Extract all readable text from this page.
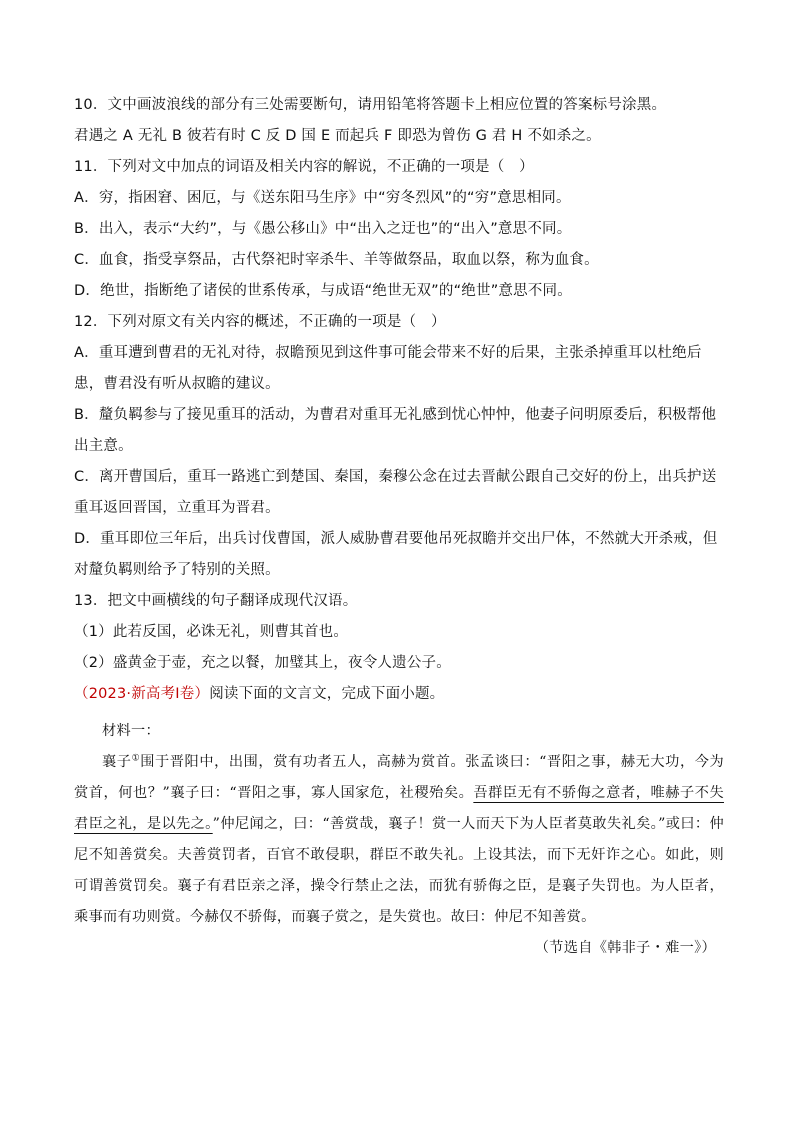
10．文中画波浪线的部分有三处需要断句，请用铅笔将答题卡上相应位置的答案标号涂黑。
君遇之 A 无礼 B 彼若有时 C 反 D 国 E 而起兵 F 即恐为曾伤 G 君 H 不如杀之。
11．下列对文中加点的词语及相关内容的解说，不正确的一项是（　）
A．穷，指困窘、困厄，与《送东阳马生序》中“穷冬烈风”的“穷”意思相同。
B．出入，表示“大约”，与《愚公移山》中“出入之迂也”的“出入”意思不同。
C．血食，指受享祭品，古代祭祀时宰杀牛、羊等做祭品，取血以祭，称为血食。
D．绝世，指断绝了诸侯的世系传承，与成语“绝世无双”的“绝世”意思不同。
12．下列对原文有关内容的概述，不正确的一项是（　）
A．重耳遭到曹君的无礼对待，叔瞻预见到这件事可能会带来不好的后果，主张杀掉重耳以杜绝后患，曹君没有听从叔瞻的建议。
B．釐负羁参与了接见重耳的活动，为曹君对重耳无礼感到忧心忡忡，他妻子问明原委后，积极帮他出主意。
C．离开曹国后，重耳一路逃亡到楚国、秦国，秦穆公念在过去晋献公跟自己交好的份上，出兵护送重耳返回晋国，立重耳为晋君。
D．重耳即位三年后，出兵讨伐曹国，派人威胁曹君要他吊死叔瞻并交出尸体，不然就大开杀戒，但对釐负羁则给予了特别的关照。
13．把文中画横线的句子翻译成现代汉语。
（1）此若反国，必诛无礼，则曹其首也。
（2）盛黄金于壶，充之以餐，加璧其上，夜令人遗公子。
（2023·新高考Ⅰ卷）阅读下面的文言文，完成下面小题。
材料一：
襄子①围于晋阳中，出围，赏有功者五人，高赫为赏首。张孟谈曰：“晋阳之事，赫无大功，今为赏首，何也？”襄子曰：“晋阳之事，寡人国家危，社稷殆矣。吾群臣无有不骄侮之意者，唯赫子不失君臣之礼，是以先之。”仲尼闻之，曰：“善赏哉，襄子！赏一人而天下为人臣者莫敢失礼矣。”或曰：仲尼不知善赏矣。夫善赏罚者，百官不敢侵职，群臣不敢失礼。上设其法，而下无奸诈之心。如此，则可谓善赏罚矣。襄子有君臣亲之泽，操令行禁止之法，而犹有骄侮之臣，是襄子失罚也。为人臣者，乘事而有功则赏。今赫仅不骄侮，而襄子赏之，是失赏也。故曰：仲尼不知善赏。
（节选自《韩非子・难一》）
